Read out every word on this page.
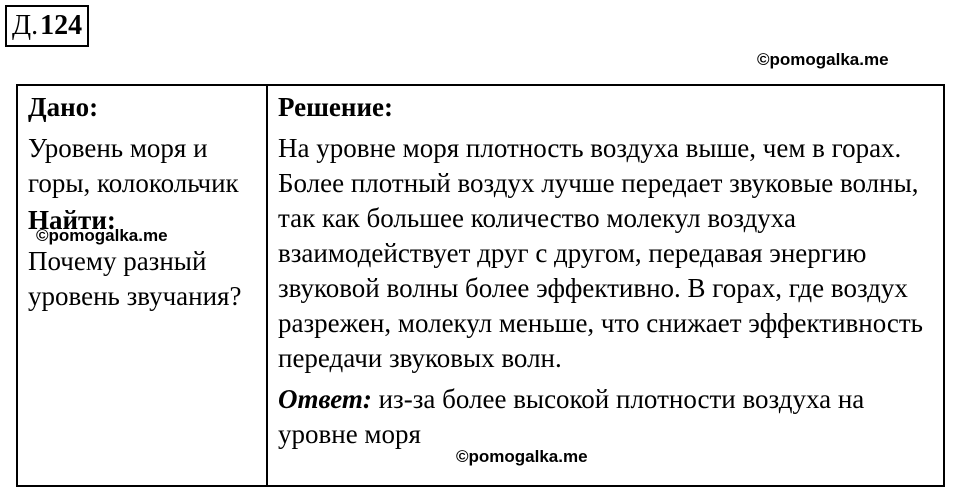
Д. 124
©pomogalka.me
Дано:
Уровень моря и горы, колокольчик
Найти:
Почему разный уровень звучания?

Решение:
На уровне моря плотность воздуха выше, чем в горах. Более плотный воздух лучше передает звуковые волны, так как большее количество молекул воздуха взаимодействует друг с другом, передавая энергию звуковой волны более эффективно. В горах, где воздух разрежен, молекул меньше, что снижает эффективность передачи звуковых волн.
Ответ: из-за более высокой плотности воздуха на уровне моря
©pomogalka.me
©pomogalka.me
